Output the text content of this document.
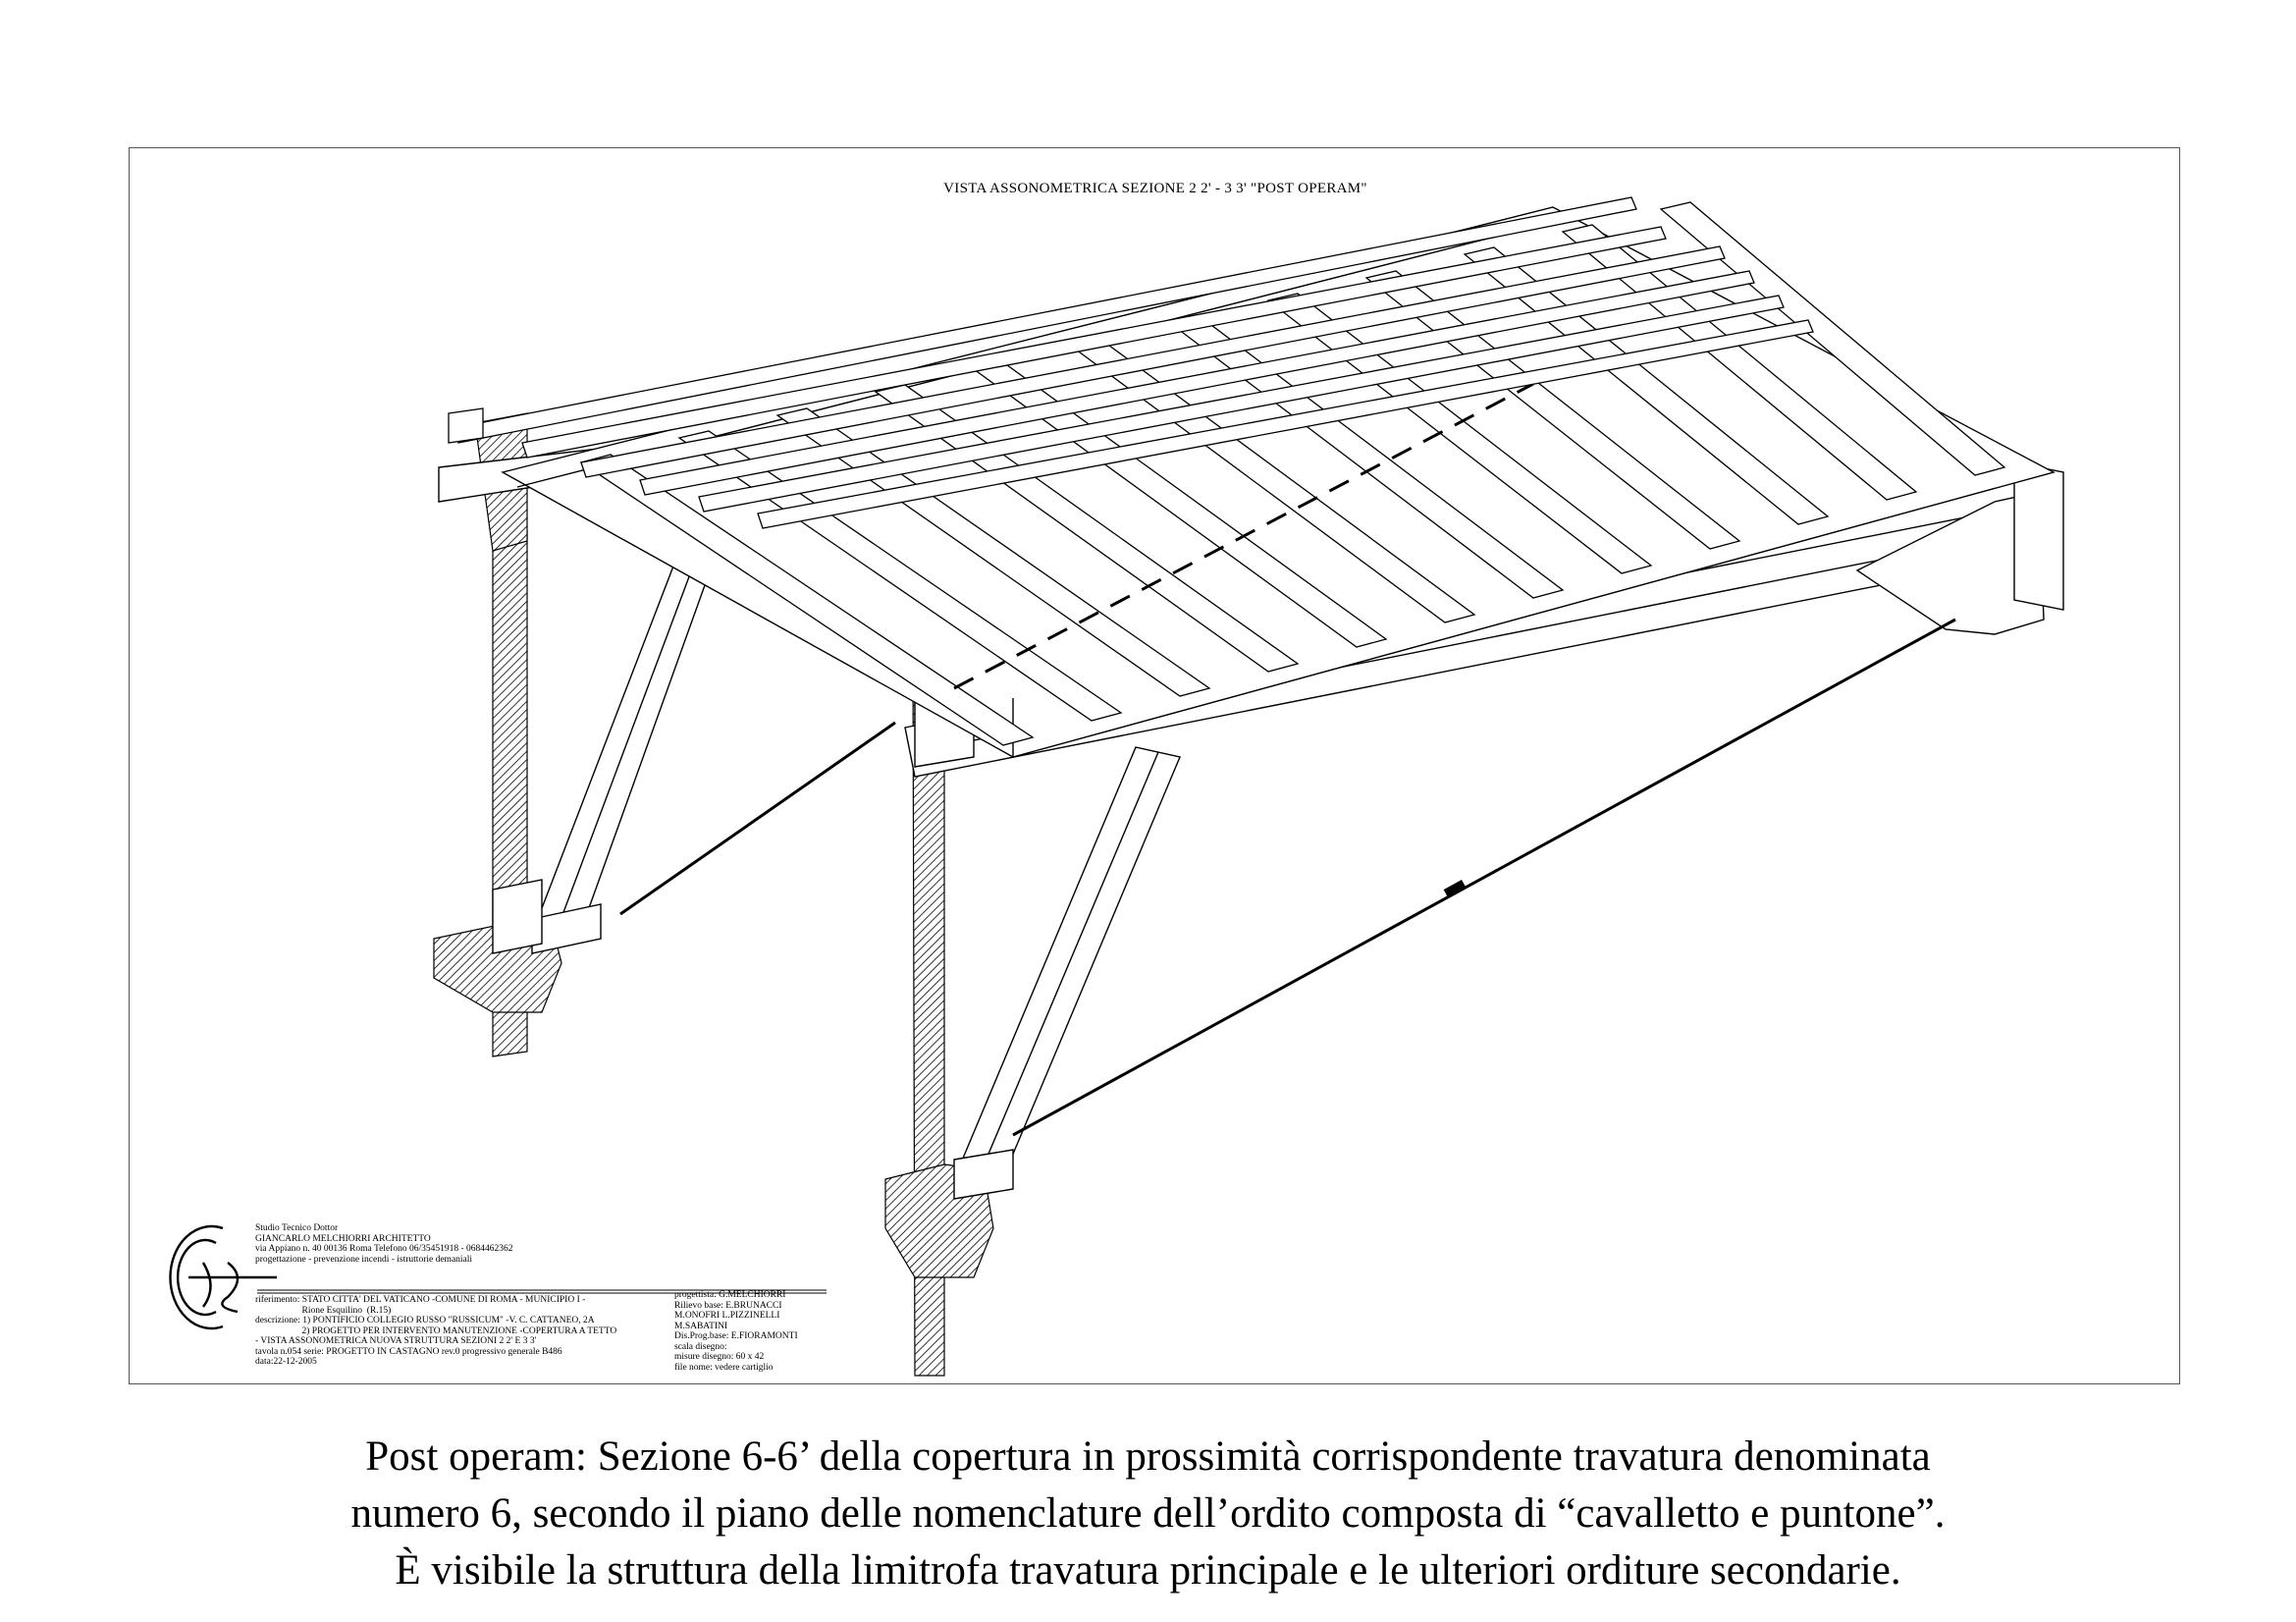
VISTA ASSONOMETRICA SEZIONE 2 2' - 3 3' "POST OPERAM"
Studio Tecnico Dottor
GIANCARLO MELCHIORRI ARCHITETTO
via Appiano n. 40 00136 Roma Telefono 06/35451918 - 0684462362
progettazione - prevenzione incendi - istruttorie demaniali
riferimento: STATO CITTA' DEL VATICANO -COMUNE DI ROMA - MUNICIPIO I -
Rione Esquilino  (R.15)
descrizione: 1) PONTIFICIO COLLEGIO RUSSO "RUSSICUM" -V. C. CATTANEO, 2A
2) PROGETTO PER INTERVENTO MANUTENZIONE -COPERTURA A TETTO
- VISTA ASSONOMETRICA NUOVA STRUTTURA SEZIONI 2 2' E 3 3'
tavola n.054 serie: PROGETTO IN CASTAGNO rev.0 progressivo generale B486
data:22-12-2005
progettista: G.MELCHIORRI
Rilievo base: E.BRUNACCI
M.ONOFRI L.PIZZINELLI
M.SABATINI
Dis.Prog.base: E.FIORAMONTI
scala disegno:
misure disegno: 60 x 42
file nome: vedere cartiglio
Post operam: Sezione 6-6’ della copertura in prossimità corrispondente travatura denominata
numero 6, secondo il piano delle nomenclature dell’ordito composta di “cavalletto e puntone”.
È visibile la struttura della limitrofa travatura principale e le ulteriori orditure secondarie.
